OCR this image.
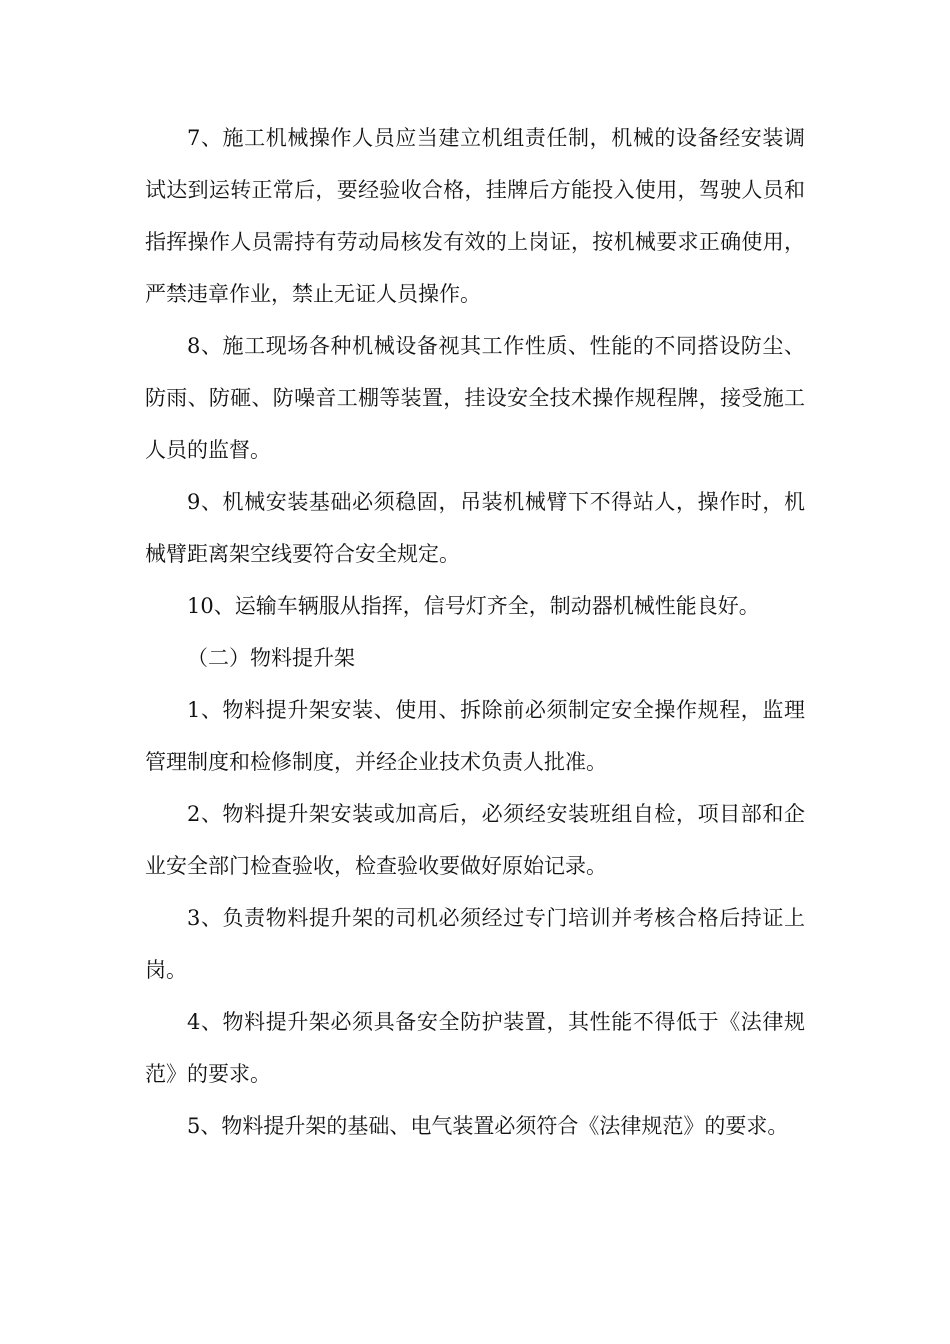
7、施工机械操作人员应当建立机组责任制，机械的设备经安装调试达到运转正常后，要经验收合格，挂牌后方能投入使用，驾驶人员和指挥操作人员需持有劳动局核发有效的上岗证，按机械要求正确使用，严禁违章作业，禁止无证人员操作。

8、施工现场各种机械设备视其工作性质、性能的不同搭设防尘、防雨、防砸、防噪音工棚等装置，挂设安全技术操作规程牌，接受施工人员的监督。

9、机械安装基础必须稳固，吊装机械臂下不得站人，操作时，机械臂距离架空线要符合安全规定。

10、运输车辆服从指挥，信号灯齐全，制动器机械性能良好。

（二）物料提升架

1、物料提升架安装、使用、拆除前必须制定安全操作规程，监理管理制度和检修制度，并经企业技术负责人批准。

2、物料提升架安装或加高后，必须经安装班组自检，项目部和企业安全部门检查验收，检查验收要做好原始记录。

3、负责物料提升架的司机必须经过专门培训并考核合格后持证上岗。

4、物料提升架必须具备安全防护装置，其性能不得低于《法律规范》的要求。

5、物料提升架的基础、电气装置必须符合《法律规范》的要求。
